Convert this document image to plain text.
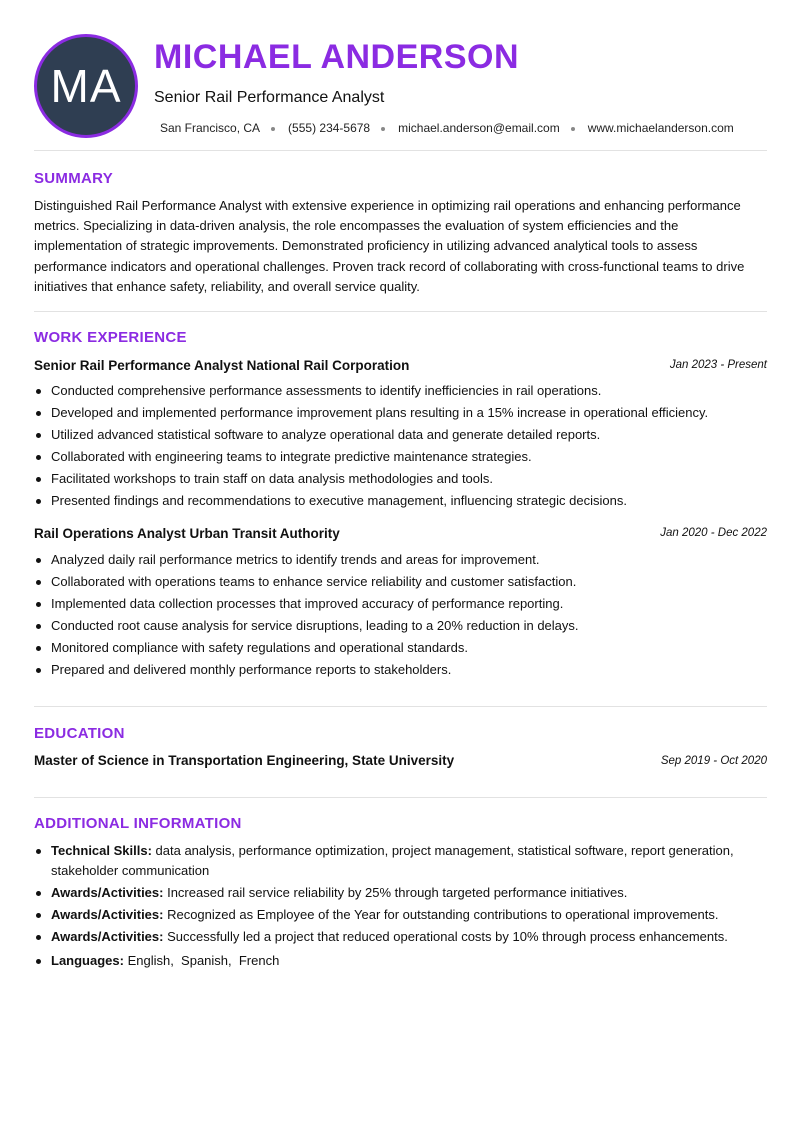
MA
MICHAEL ANDERSON
Senior Rail Performance Analyst
San Francisco, CA (555) 234-5678 michael.anderson@email.com www.michaelanderson.com
SUMMARY
Distinguished Rail Performance Analyst with extensive experience in optimizing rail operations and enhancing performance metrics. Specializing in data-driven analysis, the role encompasses the evaluation of system efficiencies and the implementation of strategic improvements. Demonstrated proficiency in utilizing advanced analytical tools to assess performance indicators and operational challenges. Proven track record of collaborating with cross-functional teams to drive initiatives that enhance safety, reliability, and overall service quality.
WORK EXPERIENCE
Senior Rail Performance Analyst National Rail Corporation	Jan 2023 - Present
Conducted comprehensive performance assessments to identify inefficiencies in rail operations.
Developed and implemented performance improvement plans resulting in a 15% increase in operational efficiency.
Utilized advanced statistical software to analyze operational data and generate detailed reports.
Collaborated with engineering teams to integrate predictive maintenance strategies.
Facilitated workshops to train staff on data analysis methodologies and tools.
Presented findings and recommendations to executive management, influencing strategic decisions.
Rail Operations Analyst Urban Transit Authority	Jan 2020 - Dec 2022
Analyzed daily rail performance metrics to identify trends and areas for improvement.
Collaborated with operations teams to enhance service reliability and customer satisfaction.
Implemented data collection processes that improved accuracy of performance reporting.
Conducted root cause analysis for service disruptions, leading to a 20% reduction in delays.
Monitored compliance with safety regulations and operational standards.
Prepared and delivered monthly performance reports to stakeholders.
EDUCATION
Master of Science in Transportation Engineering, State University	Sep 2019 - Oct 2020
ADDITIONAL INFORMATION
Technical Skills: data analysis, performance optimization, project management, statistical software, report generation, stakeholder communication
Awards/Activities: Increased rail service reliability by 25% through targeted performance initiatives.
Awards/Activities: Recognized as Employee of the Year for outstanding contributions to operational improvements.
Awards/Activities: Successfully led a project that reduced operational costs by 10% through process enhancements.
Languages: English,  Spanish,  French
